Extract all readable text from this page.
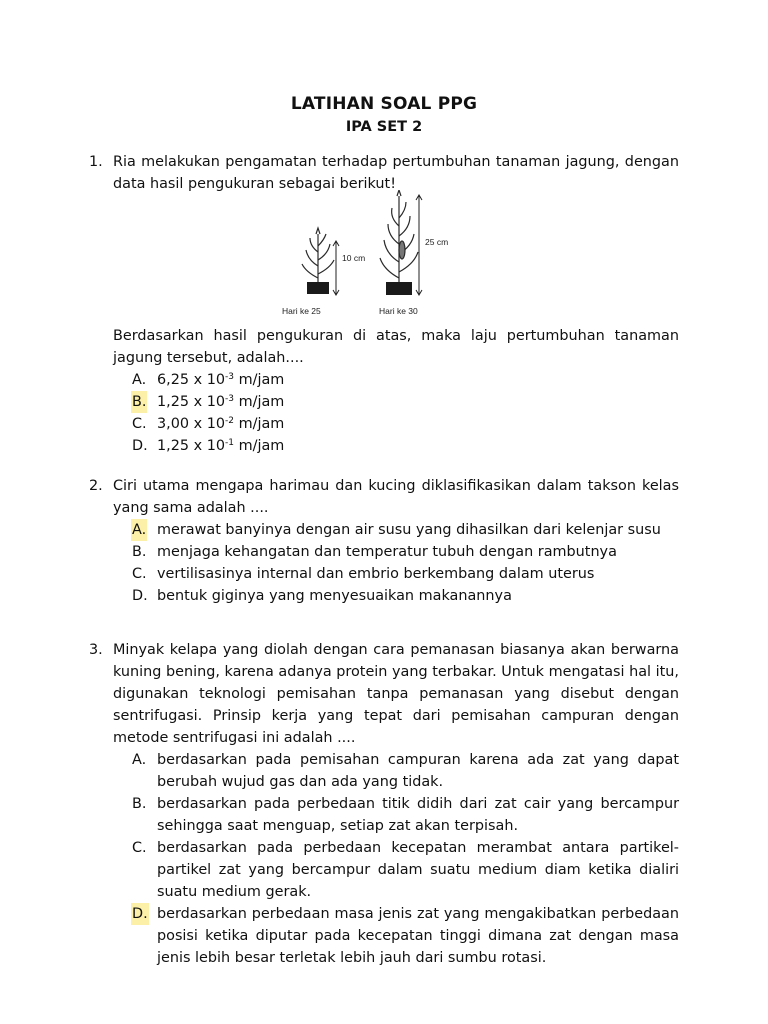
LATIHAN SOAL PPG
IPA SET 2
1. Ria melakukan pengamatan terhadap pertumbuhan tanaman jagung, dengan data hasil pengukuran sebagai berikut!
Berdasarkan hasil pengukuran di atas, maka laju pertumbuhan tanaman jagung tersebut, adalah....
A. 6,25 x $10^{-3}$ m/jam
B. 1,25 x $10^{-3}$ m/jam
C. 3,00 x $10^{-2}$ m/jam
D. 1,25 x $10^{-1}$ m/jam
10 cm
25 cm
Hari ke 25	Hari ke 30
2. Ciri utama mengapa harimau dan kucing diklasifikasikan dalam takson kelas yang sama adalah ....
A. merawat banyinya dengan air susu yang dihasilkan dari kelenjar susu
B. menjaga kehangatan dan temperatur tubuh dengan rambutnya
C. vertilisasinya internal dan embrio berkembang dalam uterus
D. bentuk giginya yang menyesuaikan makanannya
3. Minyak kelapa yang diolah dengan cara pemanasan biasanya akan berwarna kuning bening, karena adanya protein yang terbakar. Untuk mengatasi hal itu, digunakan teknologi pemisahan tanpa pemanasan yang disebut dengan sentrifugasi. Prinsip kerja yang tepat dari pemisahan campuran dengan metode sentrifugasi ini adalah ....
A. berdasarkan pada pemisahan campuran karena ada zat yang dapat berubah wujud gas dan ada yang tidak.
B. berdasarkan pada perbedaan titik didih dari zat cair yang bercampur sehingga saat menguap, setiap zat akan terpisah.
C. berdasarkan pada perbedaan kecepatan merambat antara partikel-partikel zat yang bercampur dalam suatu medium diam ketika dialiri suatu medium gerak.
D. berdasarkan perbedaan masa jenis zat yang mengakibatkan perbedaan posisi ketika diputar pada kecepatan tinggi dimana zat dengan masa jenis lebih besar terletak lebih jauh dari sumbu rotasi.
